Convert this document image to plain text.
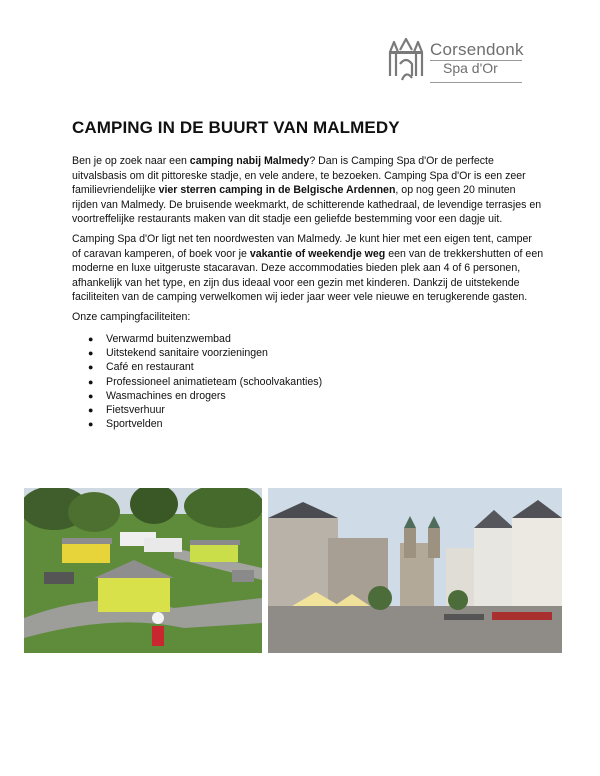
Corsendonk
Spa d'Or
CAMPING IN DE BUURT VAN MALMEDY
Ben je op zoek naar een camping nabij Malmedy? Dan is Camping Spa d'Or de perfecte
uitvalsbasis om dit pittoreske stadje, en vele andere, te bezoeken. Camping Spa d'Or is een zeer
familievriendelijke vier sterren camping in de Belgische Ardennen, op nog geen 20 minuten
rijden van Malmedy. De bruisende weekmarkt, de schitterende kathedraal, de levendige terrasjes en
voortreffelijke restaurants maken van dit stadje een geliefde bestemming voor een dagje uit.
Camping Spa d'Or ligt net ten noordwesten van Malmedy. Je kunt hier met een eigen tent, camper
of caravan kamperen, of boek voor je vakantie of weekendje weg een van de trekkershutten of een
moderne en luxe uitgeruste stacaravan. Deze accommodaties bieden plek aan 4 of 6 personen,
afhankelijk van het type, en zijn dus ideaal voor een gezin met kinderen. Dankzij de uitstekende
faciliteiten van de camping verwelkomen wij ieder jaar weer vele nieuwe en terugkerende gasten.
Onze campingfaciliteiten:
● Verwarmd buitenzwembad
● Uitstekend sanitaire voorzieningen
● Café en restaurant
● Professioneel animatieteam (schoolvakanties)
● Wasmachines en drogers
● Fietsverhuur
● Sportvelden
